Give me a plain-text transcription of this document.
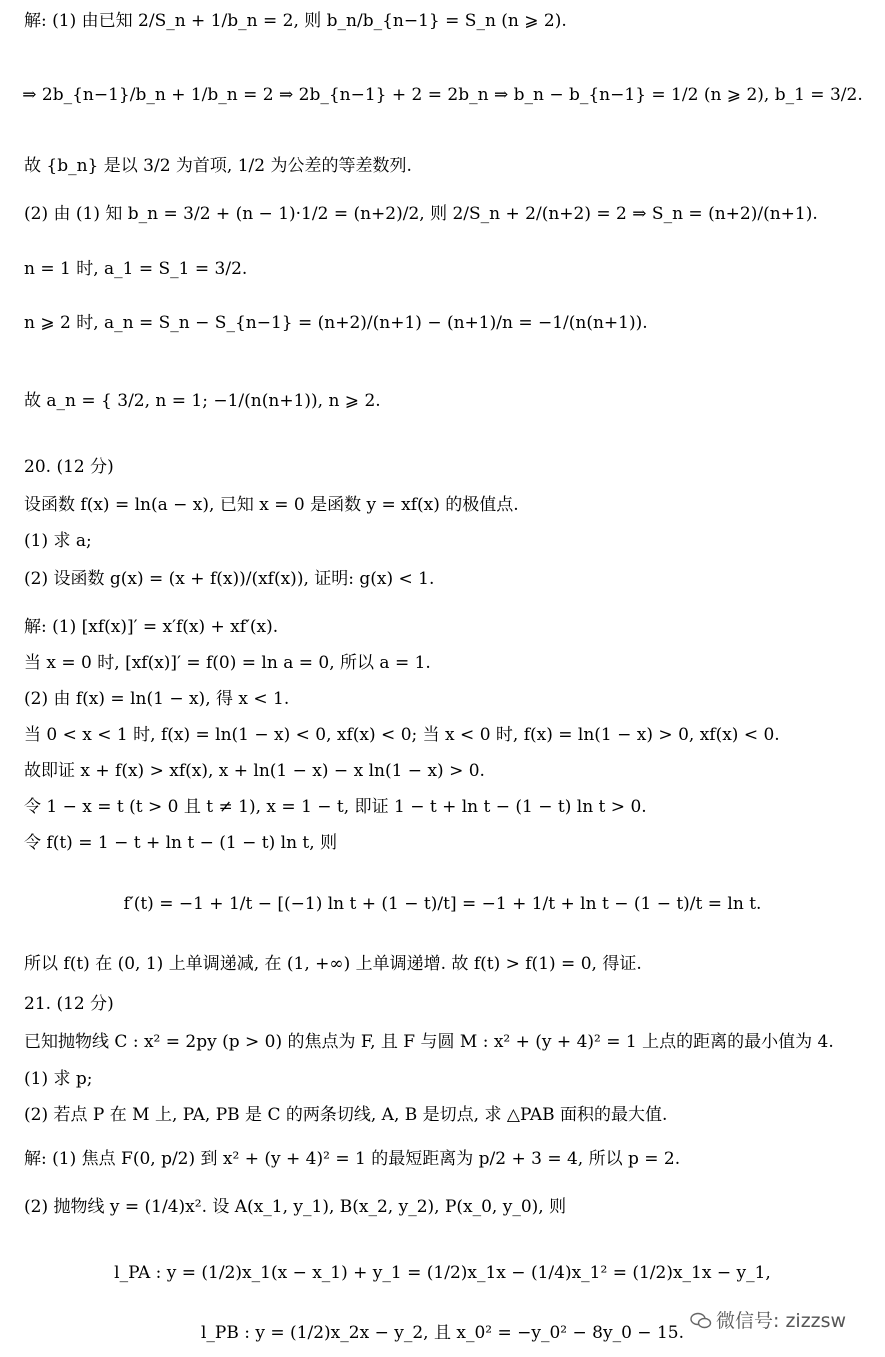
解: (1) 由已知 2/S_n + 1/b_n = 2, 则 b_n/b_{n−1} = S_n (n ⩾ 2).
⇒ 2b_{n−1}/b_n + 1/b_n = 2 ⇒ 2b_{n−1} + 2 = 2b_n ⇒ b_n − b_{n−1} = 1/2 (n ⩾ 2), b_1 = 3/2.
故 {b_n} 是以 3/2 为首项, 1/2 为公差的等差数列.
(2) 由 (1) 知 b_n = 3/2 + (n − 1)·1/2 = (n+2)/2, 则 2/S_n + 2/(n+2) = 2 ⇒ S_n = (n+2)/(n+1).
n = 1 时, a_1 = S_1 = 3/2.
n ⩾ 2 时, a_n = S_n − S_{n−1} = (n+2)/(n+1) − (n+1)/n = −1/(n(n+1)).
故 a_n = { 3/2, n = 1; −1/(n(n+1)), n ⩾ 2.
20. (12 分)
设函数 f(x) = ln(a − x), 已知 x = 0 是函数 y = xf(x) 的极值点.
(1) 求 a;
(2) 设函数 g(x) = (x + f(x))/(xf(x)), 证明: g(x) < 1.
解: (1) [xf(x)]′ = x′f(x) + xf′(x).
当 x = 0 时, [xf(x)]′ = f(0) = ln a = 0, 所以 a = 1.
(2) 由 f(x) = ln(1 − x), 得 x < 1.
当 0 < x < 1 时, f(x) = ln(1 − x) < 0, xf(x) < 0; 当 x < 0 时, f(x) = ln(1 − x) > 0, xf(x) < 0.
故即证 x + f(x) > xf(x), x + ln(1 − x) − x ln(1 − x) > 0.
令 1 − x = t (t > 0 且 t ≠ 1), x = 1 − t, 即证 1 − t + ln t − (1 − t) ln t > 0.
令 f(t) = 1 − t + ln t − (1 − t) ln t, 则
f′(t) = −1 + 1/t − [(−1) ln t + (1 − t)/t] = −1 + 1/t + ln t − (1 − t)/t = ln t.
所以 f(t) 在 (0, 1) 上单调递减, 在 (1, +∞) 上单调递增. 故 f(t) > f(1) = 0, 得证.
21. (12 分)
已知抛物线 C : x² = 2py (p > 0) 的焦点为 F, 且 F 与圆 M : x² + (y + 4)² = 1 上点的距离的最小值为 4.
(1) 求 p;
(2) 若点 P 在 M 上, PA, PB 是 C 的两条切线, A, B 是切点, 求 △PAB 面积的最大值.
解: (1) 焦点 F(0, p/2) 到 x² + (y + 4)² = 1 的最短距离为 p/2 + 3 = 4, 所以 p = 2.
(2) 抛物线 y = (1/4)x². 设 A(x_1, y_1), B(x_2, y_2), P(x_0, y_0), 则
l_PA : y = (1/2)x_1(x − x_1) + y_1 = (1/2)x_1x − (1/4)x_1² = (1/2)x_1x − y_1,
l_PB : y = (1/2)x_2x − y_2, 且 x_0² = −y_0² − 8y_0 − 15.
微信号: zizzsw
